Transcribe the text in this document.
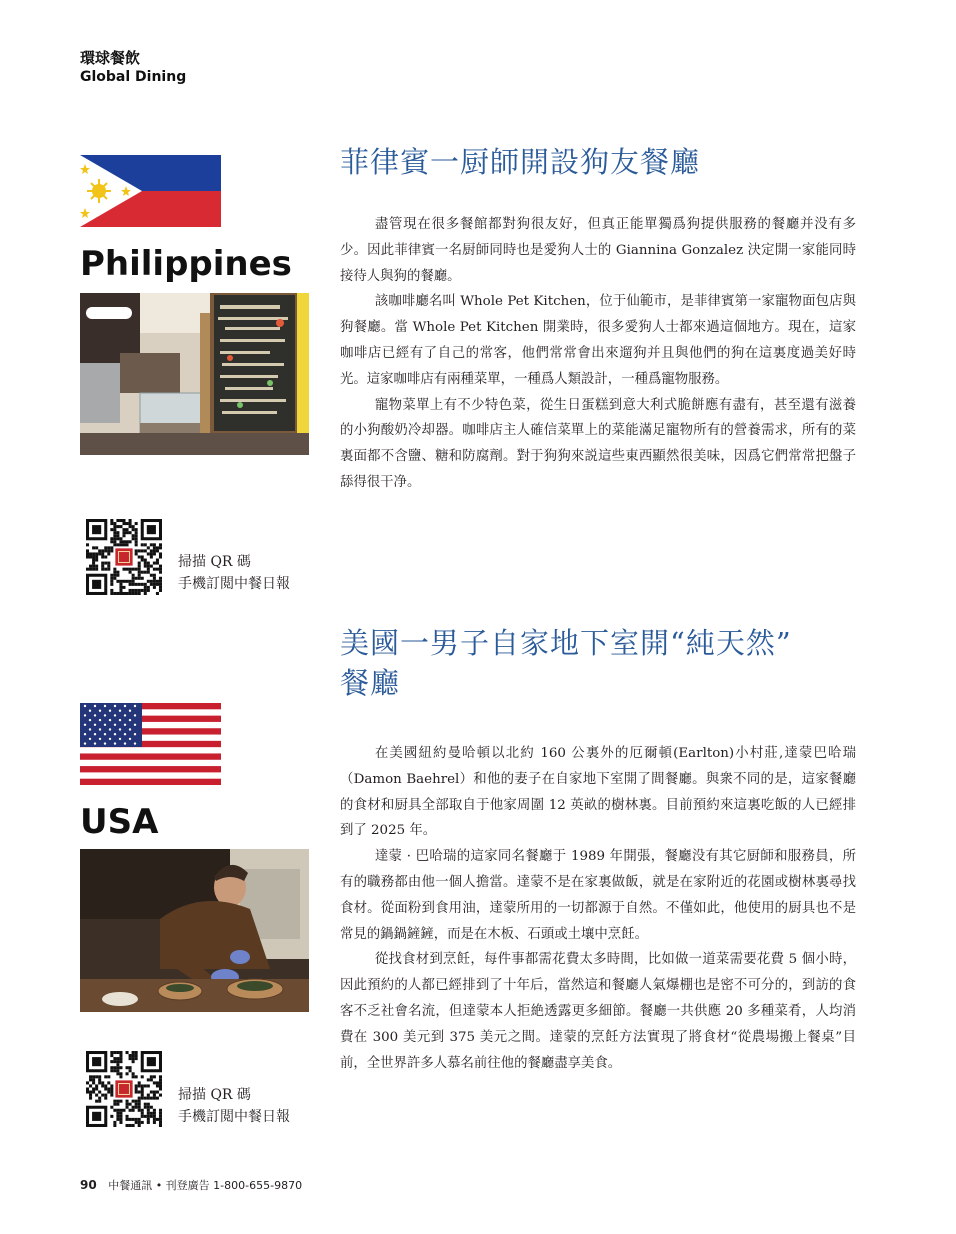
環球餐飲
Global Dining
Philippines
菲律賓一厨師開設狗友餐廳

盡管現在很多餐館都對狗很友好，但真正能單獨爲狗提供服務的餐廳并没有多少。因此菲律賓一名厨師同時也是愛狗人士的 Giannina Gonzalez 決定開一家能同時接待人與狗的餐廳。

該咖啡廳名叫 Whole Pet Kitchen，位于仙範市，是菲律賓第一家寵物面包店與狗餐廳。當 Whole Pet Kitchen 開業時，很多愛狗人士都來過這個地方。現在，這家咖啡店已經有了自己的常客，他們常常會出來遛狗并且與他們的狗在這裏度過美好時光。這家咖啡店有兩種菜單，一種爲人類設計，一種爲寵物服務。

寵物菜單上有不少特色菜，從生日蛋糕到意大利式脆餅應有盡有，甚至還有滋養的小狗酸奶冷却器。咖啡店主人確信菜單上的菜能滿足寵物所有的營養需求，所有的菜裏面都不含鹽、糖和防腐劑。對于狗狗來説這些東西顯然很美味，因爲它們常常把盤子舔得很干净。

掃描 QR 碼
手機訂閲中餐日報
美國一男子自家地下室開“純天然”
餐廳
USA

在美國紐約曼哈頓以北約 160 公裏外的厄爾頓(Earlton)小村莊,達蒙巴哈瑞（Damon Baehrel）和他的妻子在自家地下室開了間餐廳。與衆不同的是，這家餐廳的食材和厨具全部取自于他家周圍 12 英畝的樹林裏。目前預約來這裏吃飯的人已經排到了 2025 年。

達蒙 · 巴哈瑞的這家同名餐廳于 1989 年開張，餐廳没有其它厨師和服務員，所有的職務都由他一個人擔當。達蒙不是在家裏做飯，就是在家附近的花園或樹林裏尋找食材。從面粉到食用油，達蒙所用的一切都源于自然。不僅如此，他使用的厨具也不是常見的鍋鍋鏟鏟，而是在木板、石頭或土壤中烹飪。

從找食材到烹飪，每件事都需花費太多時間，比如做一道菜需要花費 5 個小時，因此預約的人都已經排到了十年后，當然這和餐廳人氣爆棚也是密不可分的，到訪的食客不乏社會名流，但達蒙本人拒絶透露更多細節。餐廳一共供應 20 多種菜肴，人均消費在 300 美元到 375 美元之間。達蒙的烹飪方法實現了將食材“從農場搬上餐桌”目前，全世界許多人慕名前往他的餐廳盡享美食。

掃描 QR 碼
手機訂閲中餐日報
90 中餐通訊 • 刊登廣告 1-800-655-9870
